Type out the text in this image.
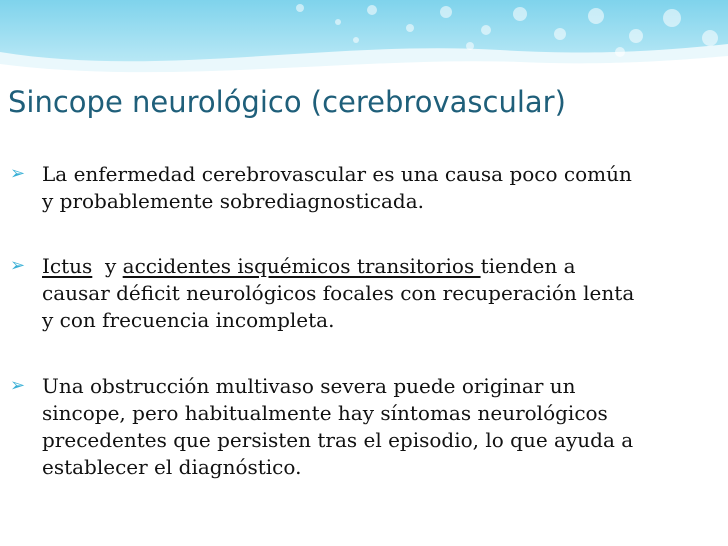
Sincope neurológico (cerebrovascular)

➢ La enfermedad cerebrovascular es una causa poco común
y probablemente sobrediagnosticada.

➢ Ictus  y accidentes isquémicos transitorios tienden a
causar déficit neurológicos focales con recuperación lenta
y con frecuencia incompleta.

➢ Una obstrucción multivaso severa puede originar un
sincope, pero habitualmente hay síntomas neurológicos
precedentes que persisten tras el episodio, lo que ayuda a
establecer el diagnóstico.
